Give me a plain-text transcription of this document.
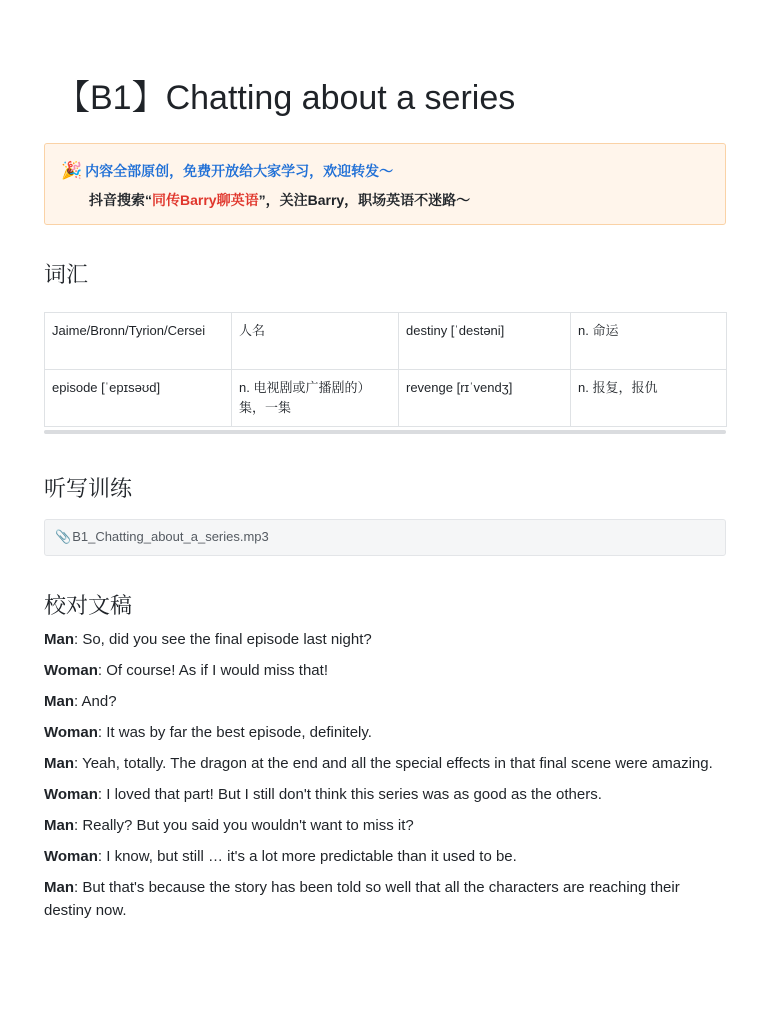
【B1】Chatting about a series
🎉 内容全部原创，免费开放给大家学习，欢迎转发～
抖音搜索“同传Barry聊英语”，关注Barry，职场英语不迷路～
词汇
Jaime/Bronn/Tyrion/Cersei	人名	destiny [ˈdestəni]	n. 命运
episode [ˈepɪsəʊd]	n. 电视剧或广播剧的）集，一集	revenge [rɪˈvendʒ]	n. 报复，报仇
听写训练
📎B1_Chatting_about_a_series.mp3
校对文稿

Man: So, did you see the final episode last night?

Woman: Of course! As if I would miss that!

Man: And?

Woman: It was by far the best episode, definitely.

Man: Yeah, totally. The dragon at the end and all the special effects in that final scene were amazing.

Woman: I loved that part! But I still don't think this series was as good as the others.

Man: Really? But you said you wouldn't want to miss it?

Woman: I know, but still … it's a lot more predictable than it used to be.

Man: But that's because the story has been told so well that all the characters are reaching their destiny now.
